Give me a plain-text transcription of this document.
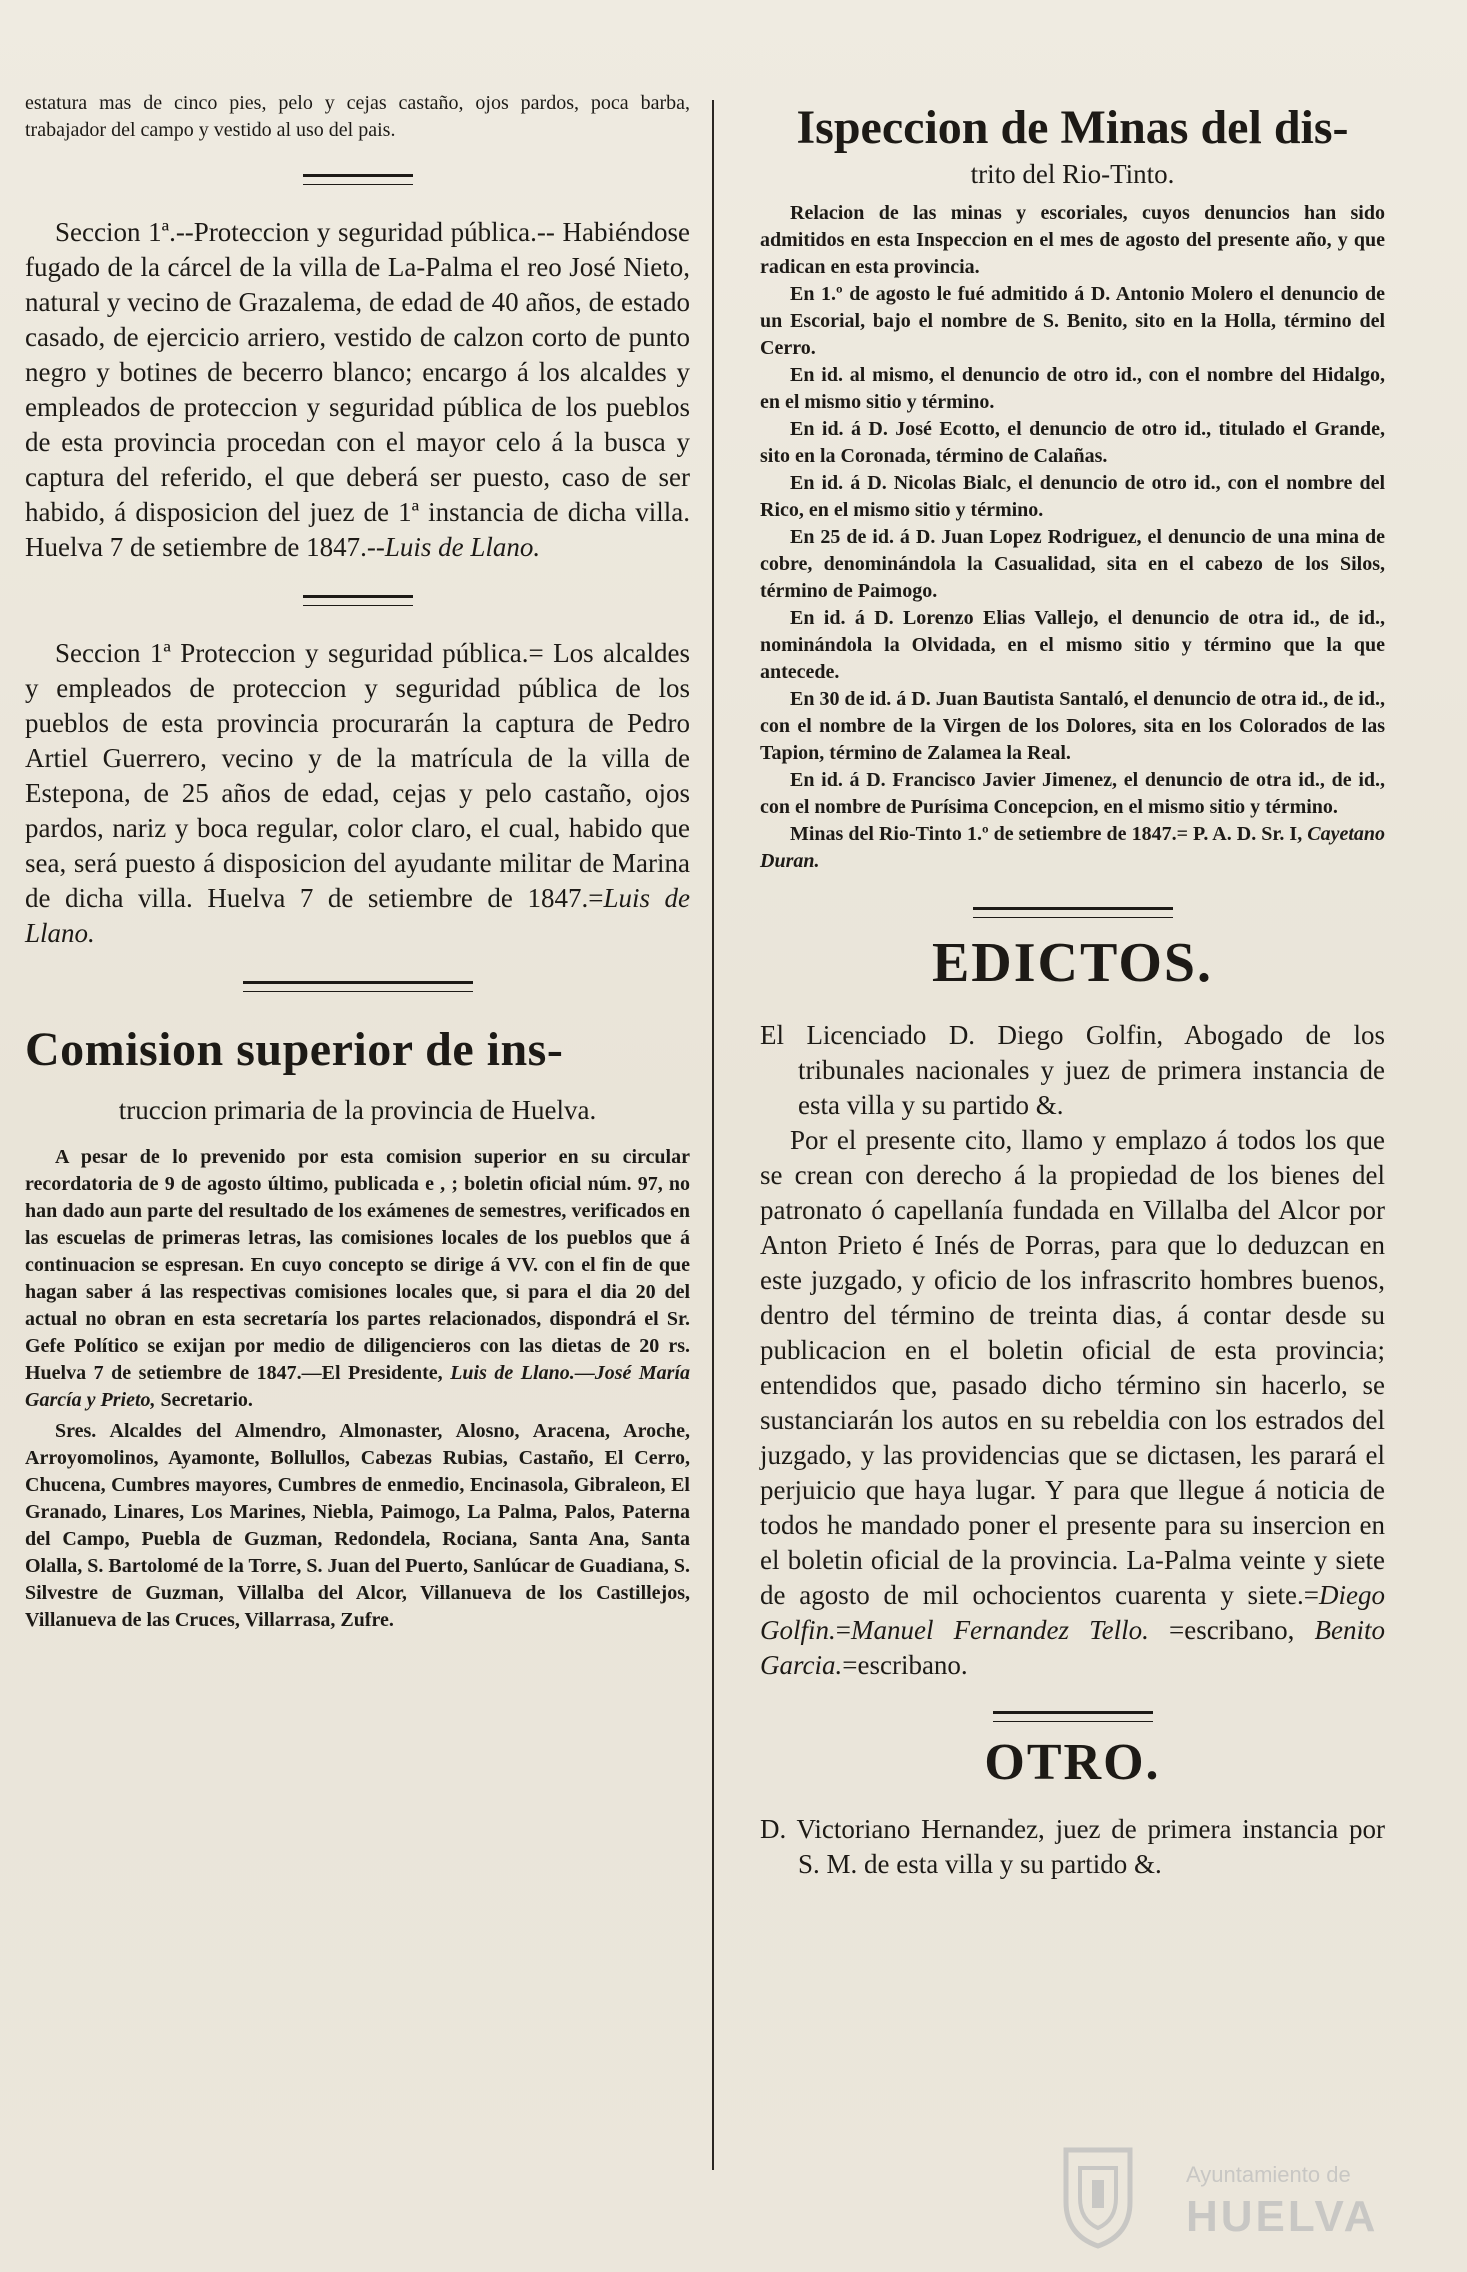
estatura mas de cinco pies, pelo y cejas castaño, ojos pardos, poca barba, trabajador del campo y vestido al uso del pais.

Seccion 1ª.--Proteccion y seguridad pública.-- Habiéndose fugado de la cárcel de la villa de La-Palma el reo José Nieto, natural y vecino de Grazalema, de edad de 40 años, de estado casado, de ejercicio arriero, vestido de calzon corto de punto negro y botines de becerro blanco; encargo á los alcaldes y empleados de proteccion y seguridad pública de los pueblos de esta provincia procedan con el mayor celo á la busca y captura del referido, el que deberá ser puesto, caso de ser habido, á disposicion del juez de 1ª instancia de dicha villa. Huelva 7 de setiembre de 1847.--Luis de Llano.

Seccion 1ª Proteccion y seguridad pública.= Los alcaldes y empleados de proteccion y seguridad pública de los pueblos de esta provincia procurarán la captura de Pedro Artiel Guerrero, vecino y de la matrícula de la villa de Estepona, de 25 años de edad, cejas y pelo castaño, ojos pardos, nariz y boca regular, color claro, el cual, habido que sea, será puesto á disposicion del ayudante militar de Marina de dicha villa. Huelva 7 de setiembre de 1847.=Luis de Llano.

Comision superior de ins-
truccion primaria de la provincia de Huelva.

A pesar de lo prevenido por esta comision superior en su circular recordatoria de 9 de agosto último, publicada e , ; boletin oficial núm. 97, no han dado aun parte del resultado de los exámenes de semestres, verificados en las escuelas de primeras letras, las comisiones locales de los pueblos que á continuacion se espresan. En cuyo concepto se dirige á VV. con el fin de que hagan saber á las respectivas comisiones locales que, si para el dia 20 del actual no obran en esta secretaría los partes relacionados, dispondrá el Sr. Gefe Político se exijan por medio de diligencieros con las dietas de 20 rs. Huelva 7 de setiembre de 1847.—El Presidente, Luis de Llano.—José María García y Prieto, Secretario.

Sres. Alcaldes del Almendro, Almonaster, Alosno, Aracena, Aroche, Arroyomolinos, Ayamonte, Bollullos, Cabezas Rubias, Castaño, El Cerro, Chucena, Cumbres mayores, Cumbres de enmedio, Encinasola, Gibraleon, El Granado, Linares, Los Marines, Niebla, Paimogo, La Palma, Palos, Paterna del Campo, Puebla de Guzman, Redondela, Rociana, Santa Ana, Santa Olalla, S. Bartolomé de la Torre, S. Juan del Puerto, Sanlúcar de Guadiana, S. Silvestre de Guzman, Villalba del Alcor, Villanueva de los Castillejos, Villanueva de las Cruces, Villarrasa, Zufre.

Ispeccion de Minas del dis-
trito del Rio-Tinto.

Relacion de las minas y escoriales, cuyos denuncios han sido admitidos en esta Inspeccion en el mes de agosto del presente año, y que radican en esta provincia.

En 1.º de agosto le fué admitido á D. Antonio Molero el denuncio de un Escorial, bajo el nombre de S. Benito, sito en la Holla, término del Cerro.

En id. al mismo, el denuncio de otro id., con el nombre del Hidalgo, en el mismo sitio y término.

En id. á D. José Ecotto, el denuncio de otro id., titulado el Grande, sito en la Coronada, término de Calañas.

En id. á D. Nicolas Bialc, el denuncio de otro id., con el nombre del Rico, en el mismo sitio y término.

En 25 de id. á D. Juan Lopez Rodriguez, el denuncio de una mina de cobre, denominándola la Casualidad, sita en el cabezo de los Silos, término de Paimogo.

En id. á D. Lorenzo Elias Vallejo, el denuncio de otra id., de id., nominándola la Olvidada, en el mismo sitio y término que la que antecede.

En 30 de id. á D. Juan Bautista Santaló, el denuncio de otra id., de id., con el nombre de la Virgen de los Dolores, sita en los Colorados de las Tapion, término de Zalamea la Real.

En id. á D. Francisco Javier Jimenez, el denuncio de otra id., de id., con el nombre de Purísima Concepcion, en el mismo sitio y término.

Minas del Rio-Tinto 1.º de setiembre de 1847.= P. A. D. Sr. I, Cayetano Duran.

EDICTOS.

El Licenciado D. Diego Golfin, Abogado de los tribunales nacionales y juez de primera instancia de esta villa y su partido &.

Por el presente cito, llamo y emplazo á todos los que se crean con derecho á la propiedad de los bienes del patronato ó capellanía fundada en Villalba del Alcor por Anton Prieto é Inés de Porras, para que lo deduzcan en este juzgado, y oficio de los infrascrito hombres buenos, dentro del término de treinta dias, á contar desde su publicacion en el boletin oficial de esta provincia; entendidos que, pasado dicho término sin hacerlo, se sustanciarán los autos en su rebeldia con los estrados del juzgado, y las providencias que se dictasen, les parará el perjuicio que haya lugar. Y para que llegue á noticia de todos he mandado poner el presente para su insercion en el boletin oficial de la provincia. La-Palma veinte y siete de agosto de mil ochocientos cuarenta y siete.=Diego Golfin.=Manuel Fernandez Tello. =escribano, Benito Garcia.=escribano.

OTRO.

D. Victoriano Hernandez, juez de primera instancia por S. M. de esta villa y su partido &.

Ayuntamiento de
HUELVA
